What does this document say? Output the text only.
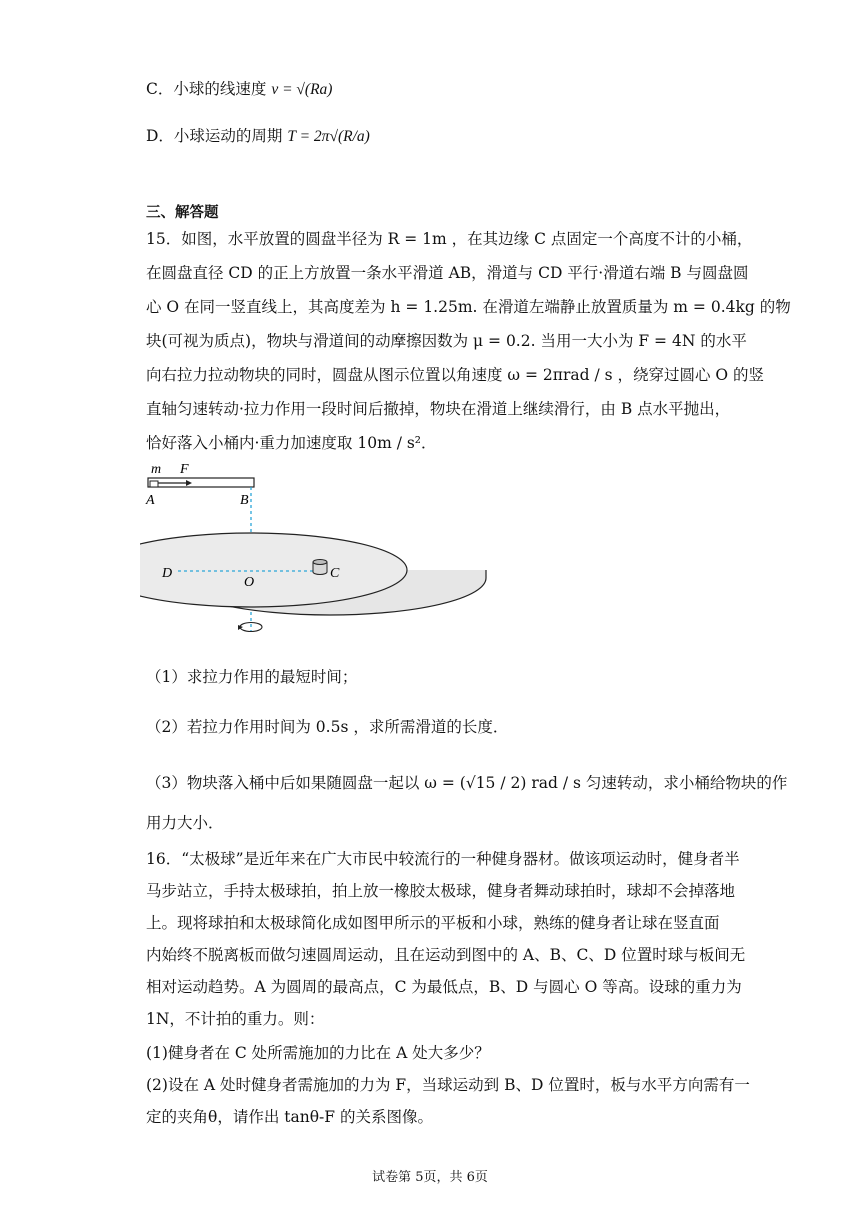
C．小球的线速度 v = √(Ra)
D．小球运动的周期 T = 2π√(R/a)
三、解答题
15．如图，水平放置的圆盘半径为 R = 1m ，在其边缘 C 点固定一个高度不计的小桶，
在圆盘直径 CD 的正上方放置一条水平滑道 AB，滑道与 CD 平行·滑道右端 B 与圆盘圆
心 O 在同一竖直线上，其高度差为 h = 1.25m. 在滑道左端静止放置质量为 m = 0.4kg 的物
块(可视为质点)，物块与滑道间的动摩擦因数为 μ = 0.2. 当用一大小为 F = 4N 的水平
向右拉力拉动物块的同时，圆盘从图示位置以角速度 ω = 2πrad / s ，绕穿过圆心 O 的竖
直轴匀速转动·拉力作用一段时间后撤掉，物块在滑道上继续滑行，由 B 点水平抛出，
恰好落入小桶内·重力加速度取 10m / s²．
m F
A	B
D
O
C
（1）求拉力作用的最短时间；
（2）若拉力作用时间为 0.5s ，求所需滑道的长度．
（3）物块落入桶中后如果随圆盘一起以 ω = (√15 / 2) rad / s 匀速转动，求小桶给物块的作
用力大小．
16．“太极球”是近年来在广大市民中较流行的一种健身器材。做该项运动时，健身者半
马步站立，手持太极球拍，拍上放一橡胶太极球，健身者舞动球拍时，球却不会掉落地
上。现将球拍和太极球简化成如图甲所示的平板和小球，熟练的健身者让球在竖直面
内始终不脱离板而做匀速圆周运动，且在运动到图中的 A、B、C、D 位置时球与板间无
相对运动趋势。A 为圆周的最高点，C 为最低点，B、D 与圆心 O 等高。设球的重力为
1N，不计拍的重力。则：
(1)健身者在 C 处所需施加的力比在 A 处大多少？
(2)设在 A 处时健身者需施加的力为 F，当球运动到 B、D 位置时，板与水平方向需有一
定的夹角θ，请作出 tanθ-F 的关系图像。
试卷第 5页，共 6页
